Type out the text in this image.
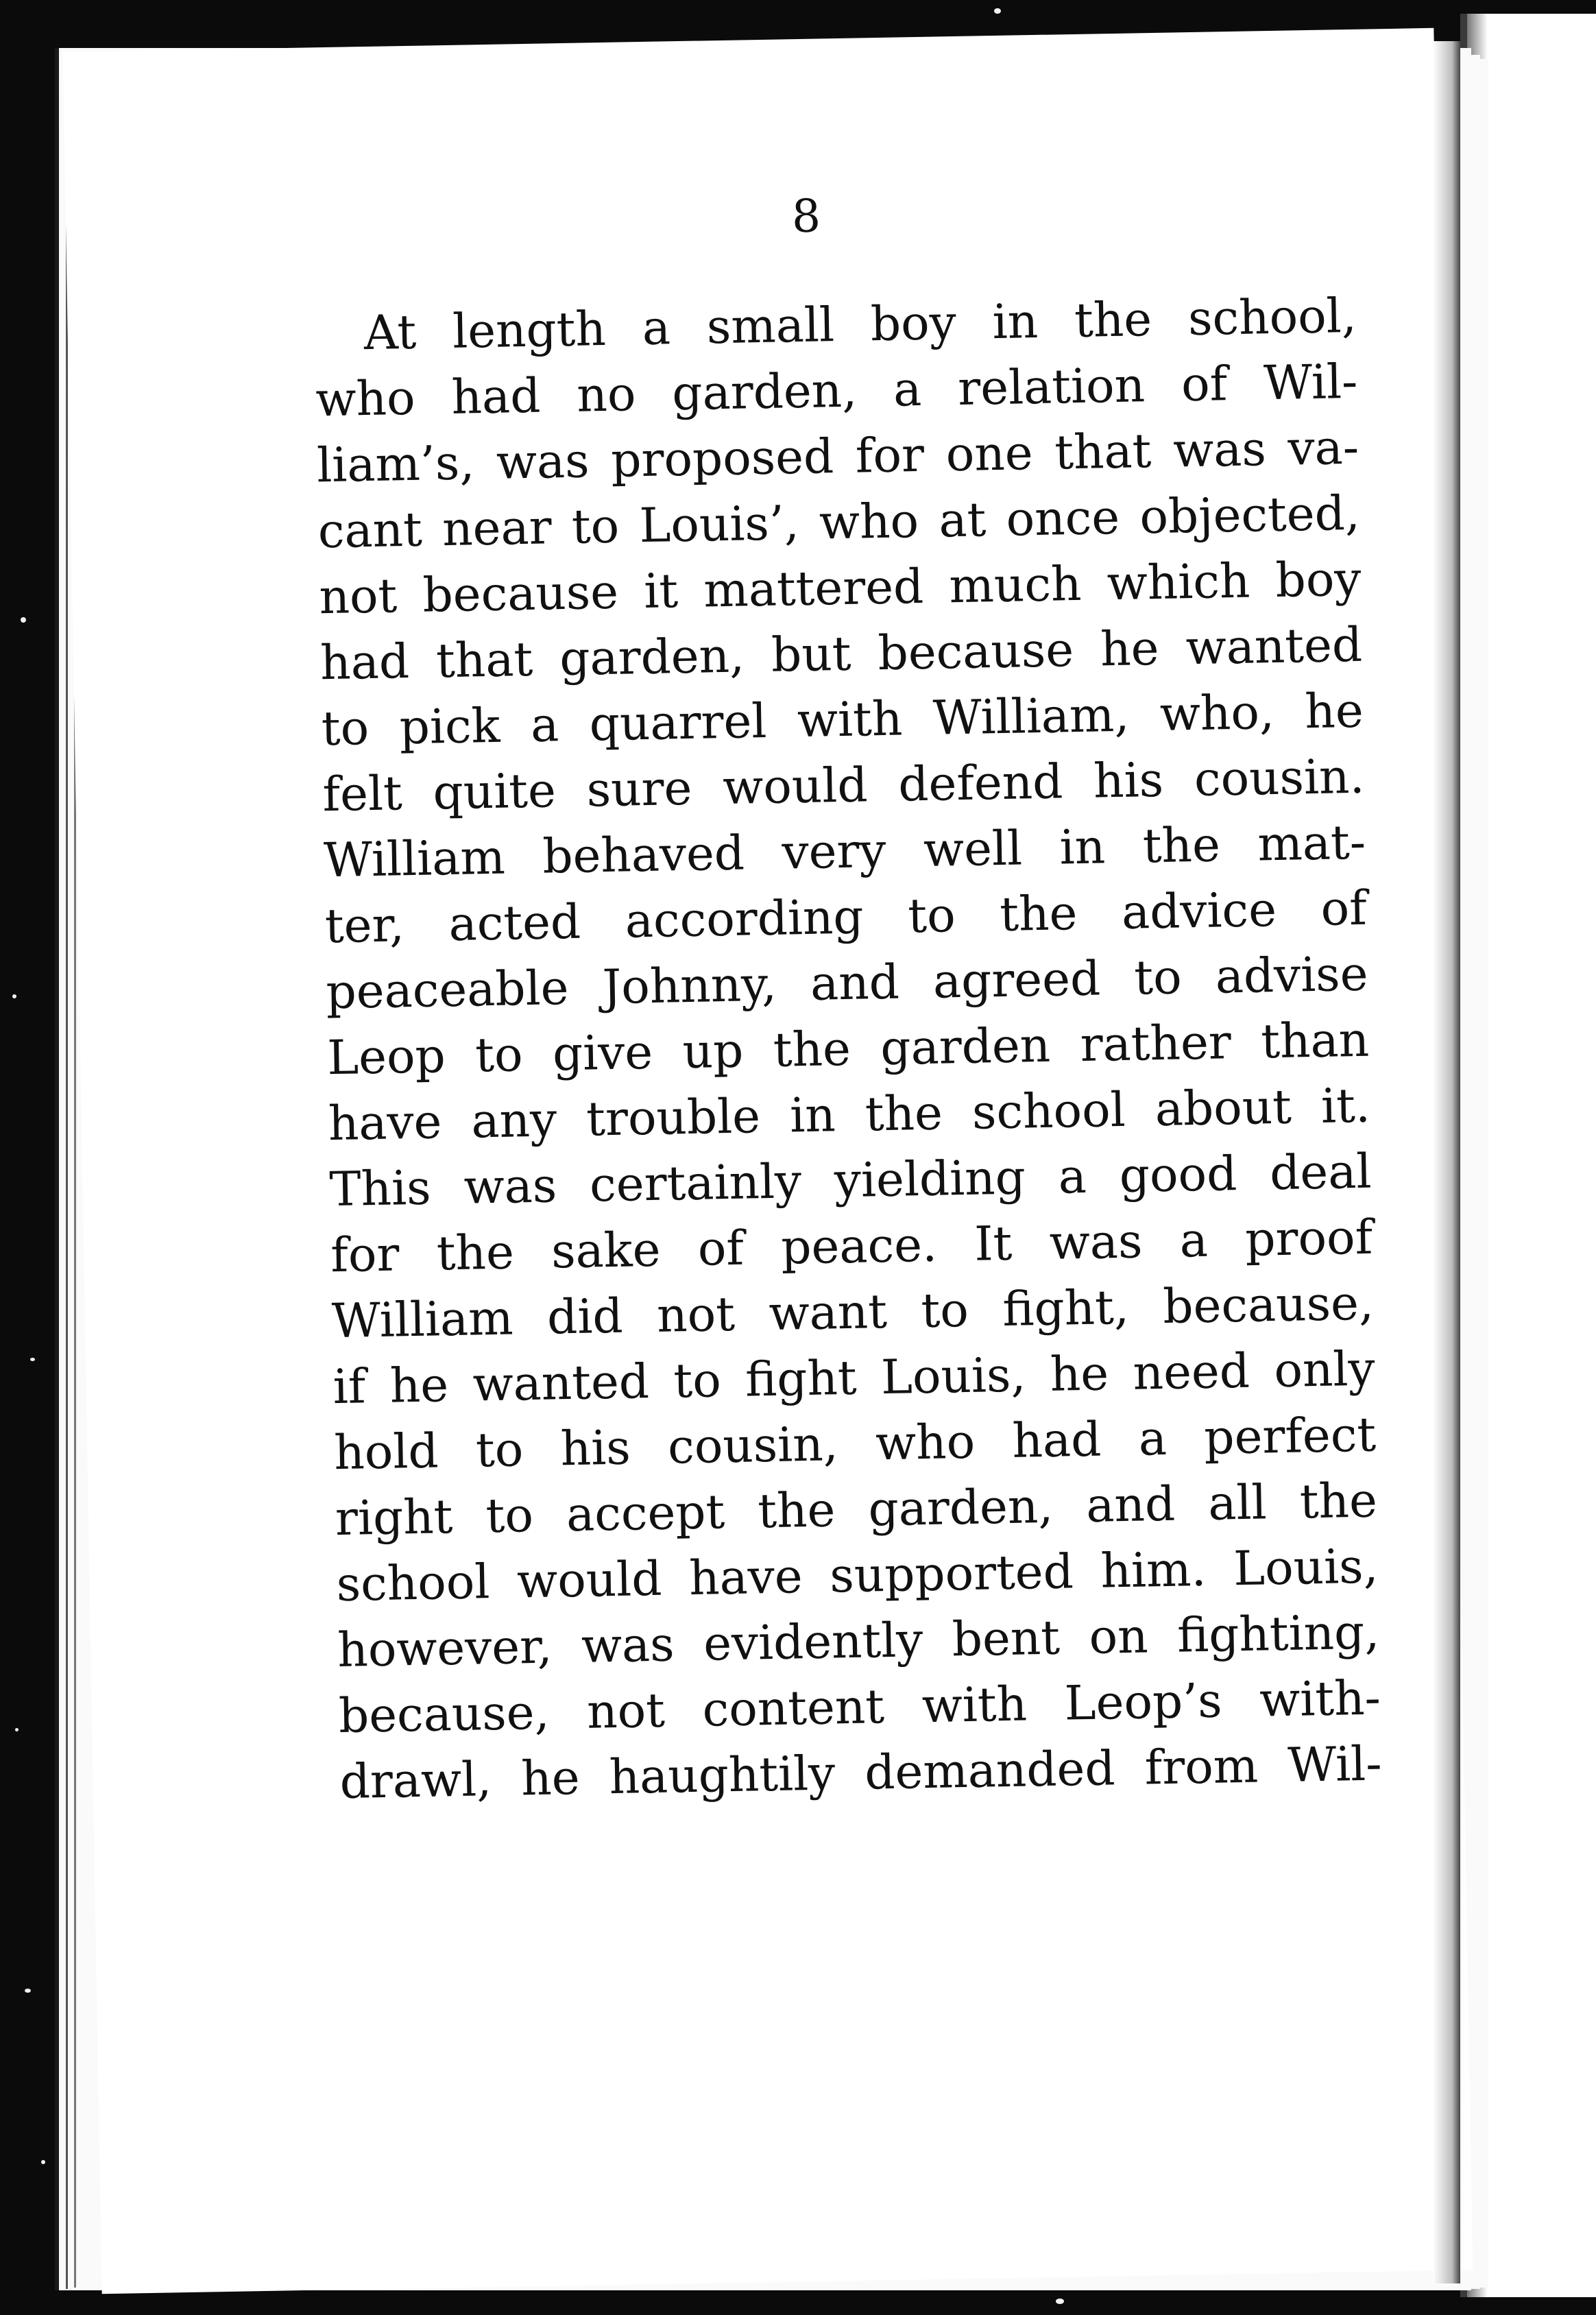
8
At length a small boy in the school,
who had no garden, a relation of Wil-
liam’s, was proposed for one that was va-
cant near to Louis’, who at once objected,
not because it mattered much which boy
had that garden, but because he wanted
to pick a quarrel with William, who, he
felt quite sure would defend his cousin.
William behaved very well in the mat-
ter, acted according to the advice of
peaceable Johnny, and agreed to advise
Leop to give up the garden rather than
have any trouble in the school about it.
This was certainly yielding a good deal
for the sake of peace. It was a proof
William did not want to fight, because,
if he wanted to fight Louis, he need only
hold to his cousin, who had a perfect
right to accept the garden, and all the
school would have supported him. Louis,
however, was evidently bent on fighting,
because, not content with Leop’s with-
drawl, he haughtily demanded from Wil-
